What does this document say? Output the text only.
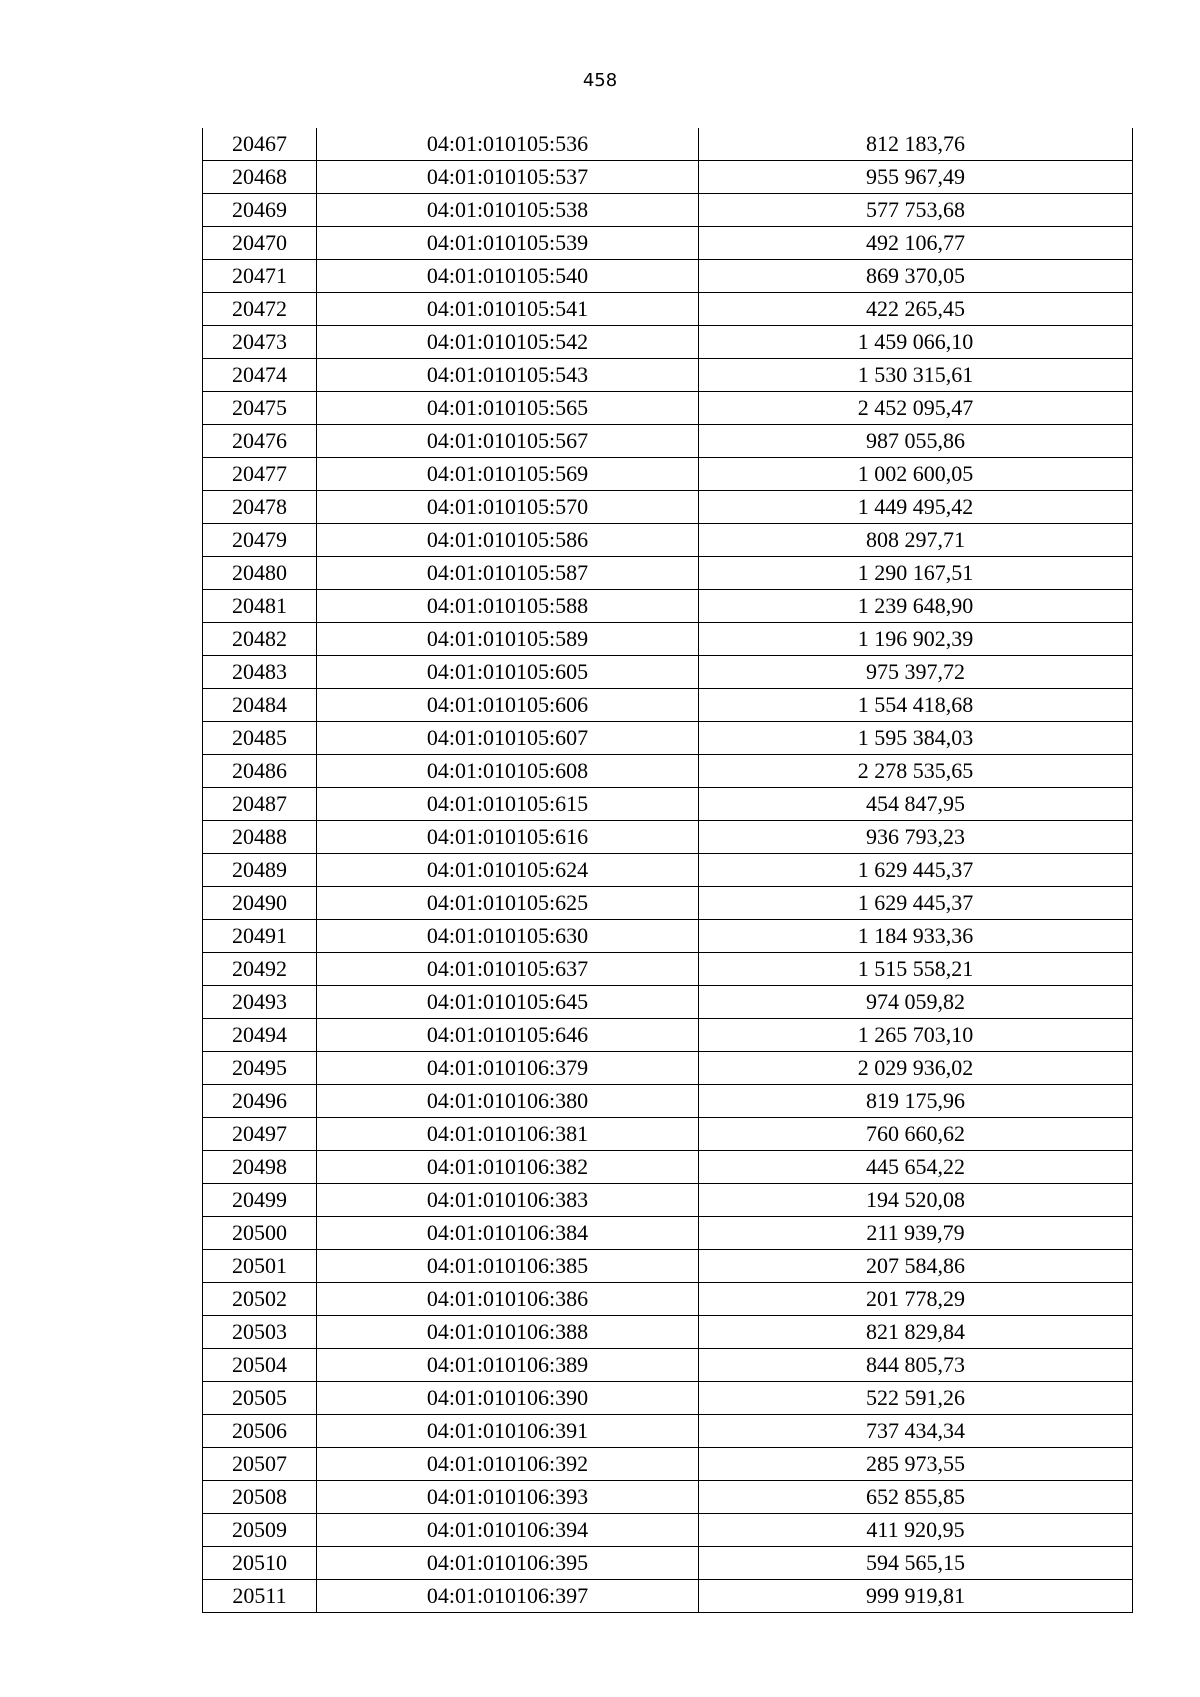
458
20467	04:01:010105:536	812 183,76
20468	04:01:010105:537	955 967,49
20469	04:01:010105:538	577 753,68
20470	04:01:010105:539	492 106,77
20471	04:01:010105:540	869 370,05
20472	04:01:010105:541	422 265,45
20473	04:01:010105:542	1 459 066,10
20474	04:01:010105:543	1 530 315,61
20475	04:01:010105:565	2 452 095,47
20476	04:01:010105:567	987 055,86
20477	04:01:010105:569	1 002 600,05
20478	04:01:010105:570	1 449 495,42
20479	04:01:010105:586	808 297,71
20480	04:01:010105:587	1 290 167,51
20481	04:01:010105:588	1 239 648,90
20482	04:01:010105:589	1 196 902,39
20483	04:01:010105:605	975 397,72
20484	04:01:010105:606	1 554 418,68
20485	04:01:010105:607	1 595 384,03
20486	04:01:010105:608	2 278 535,65
20487	04:01:010105:615	454 847,95
20488	04:01:010105:616	936 793,23
20489	04:01:010105:624	1 629 445,37
20490	04:01:010105:625	1 629 445,37
20491	04:01:010105:630	1 184 933,36
20492	04:01:010105:637	1 515 558,21
20493	04:01:010105:645	974 059,82
20494	04:01:010105:646	1 265 703,10
20495	04:01:010106:379	2 029 936,02
20496	04:01:010106:380	819 175,96
20497	04:01:010106:381	760 660,62
20498	04:01:010106:382	445 654,22
20499	04:01:010106:383	194 520,08
20500	04:01:010106:384	211 939,79
20501	04:01:010106:385	207 584,86
20502	04:01:010106:386	201 778,29
20503	04:01:010106:388	821 829,84
20504	04:01:010106:389	844 805,73
20505	04:01:010106:390	522 591,26
20506	04:01:010106:391	737 434,34
20507	04:01:010106:392	285 973,55
20508	04:01:010106:393	652 855,85
20509	04:01:010106:394	411 920,95
20510	04:01:010106:395	594 565,15
20511	04:01:010106:397	999 919,81
